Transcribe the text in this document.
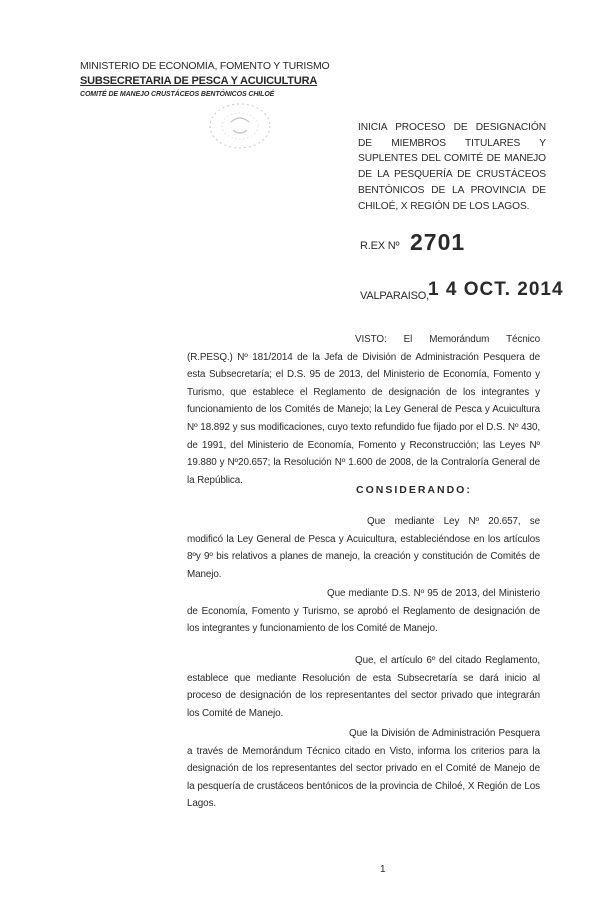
MINISTERIO DE ECONOMIA, FOMENTO Y TURISMO
SUBSECRETARIA DE PESCA Y ACUICULTURA
COMITÉ DE MANEJO CRUSTÁCEOS BENTÓNICOS CHILOÉ
INICIA PROCESO DE DESIGNACIÓN DE MIEMBROS TITULARES Y SUPLENTES DEL COMITÉ DE MANEJO DE LA PESQUERÍA DE CRUSTÁCEOS BENTÓNICOS DE LA PROVINCIA DE CHILOÉ, X REGIÓN DE LOS LAGOS.
R.EX Nº 2701
VALPARAISO, 1 4 OCT. 2014
VISTO: El Memorándum Técnico (R.PESQ.) Nº 181/2014 de la Jefa de División de Administración Pesquera de esta Subsecretaría; el D.S. 95 de 2013, del Ministerio de Economía, Fomento y Turismo, que establece el Reglamento de designación de los integrantes y funcionamiento de los Comités de Manejo; la Ley General de Pesca y Acuicultura Nº 18.892 y sus modificaciones, cuyo texto refundido fue fijado por el D.S. Nº 430, de 1991, del Ministerio de Economía, Fomento y Reconstrucción; las Leyes Nº 19.880 y Nº20.657; la Resolución Nº 1.600 de 2008, de la Contraloría General de la República.
CONSIDERANDO:
Que mediante Ley Nº 20.657, se modificó la Ley General de Pesca y Acuicultura, estableciéndose en los artículos 8ºy 9º bis relativos a planes de manejo, la creación y constitución de Comités de Manejo.
Que mediante D.S. Nº 95 de 2013, del Ministerio de Economía, Fomento y Turismo, se aprobó el Reglamento de designación de los integrantes y funcionamiento de los Comité de Manejo.
Que, el artículo 6º del citado Reglamento, establece que mediante Resolución de esta Subsecretaría se dará inicio al proceso de designación de los representantes del sector privado que integrarán los Comité de Manejo.
Que la División de Administración Pesquera a través de Memorándum Técnico citado en Visto, informa los criterios para la designación de los representantes del sector privado en el Comité de Manejo de la pesquería de crustáceos bentónicos de la provincia de Chiloé, X Región de Los Lagos.
1
